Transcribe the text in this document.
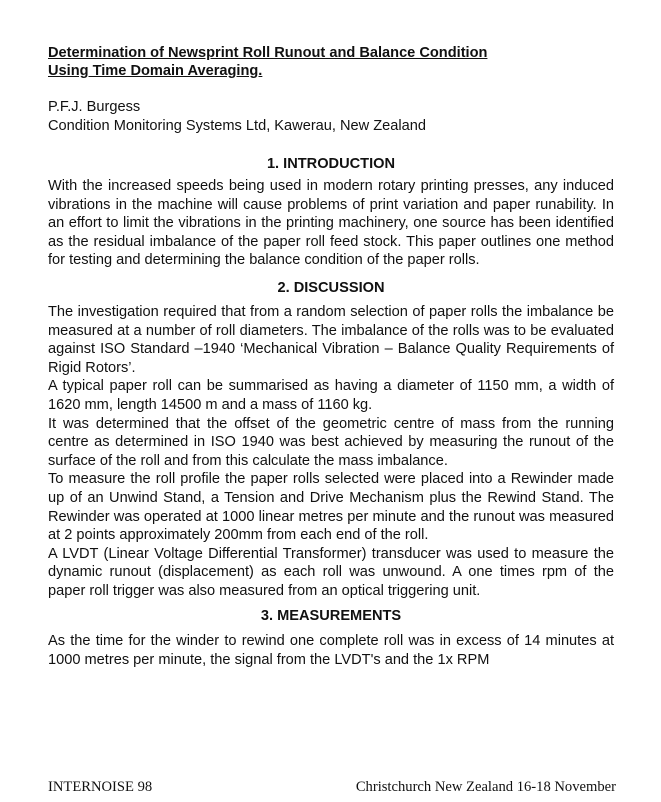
Determination of Newsprint Roll Runout and Balance Condition
Using Time Domain Averaging.
P.F.J. Burgess
Condition Monitoring Systems Ltd, Kawerau, New Zealand
1. INTRODUCTION

With the increased speeds being used in modern rotary printing presses, any induced vibrations in the machine will cause problems of print variation and paper runability. In an effort to limit the vibrations in the printing machinery, one source has been identified as the residual imbalance of the paper roll feed stock. This paper outlines one method for testing and determining the balance condition of the paper rolls.

2. DISCUSSION

The investigation required that from a random selection of paper rolls the imbalance be measured at a number of roll diameters. The imbalance of the rolls was to be evaluated against ISO Standard –1940 ‘Mechanical Vibration – Balance Quality Requirements of Rigid Rotors’.

A typical paper roll can be summarised as having a diameter of 1150 mm, a width of 1620 mm, length 14500 m and a mass of 1160 kg.

It was determined that the offset of the geometric centre of mass from the running centre as determined in ISO 1940 was best achieved by measuring the runout of the surface of the roll and from this calculate the mass imbalance.

To measure the roll profile the paper rolls selected were placed into a Rewinder made up of an Unwind Stand, a Tension and Drive Mechanism plus the Rewind Stand. The Rewinder was operated at 1000 linear metres per minute and the runout was measured at 2 points approximately 200mm from each end of the roll.

A LVDT (Linear Voltage Differential Transformer) transducer was used to measure the dynamic runout (displacement) as each roll was unwound. A one times rpm of the paper roll trigger was also measured from an optical triggering unit.

3. MEASUREMENTS

As the time for the winder to rewind one complete roll was in excess of 14 minutes at 1000 metres per minute, the signal from the LVDT's and the 1x RPM

INTERNOISE 98	Christchurch New Zealand 16-18 November
